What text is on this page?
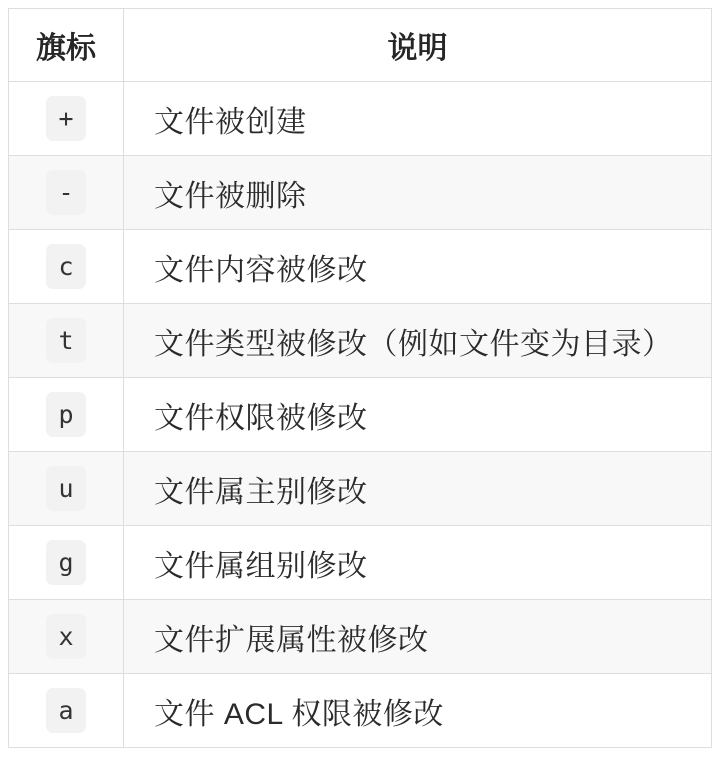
旗标	说明
+	文件被创建
-	文件被删除
c	文件内容被修改
t	文件类型被修改（例如文件变为目录）
p	文件权限被修改
u	文件属主别修改
g	文件属组别修改
x	文件扩展属性被修改
a	文件 ACL 权限被修改
